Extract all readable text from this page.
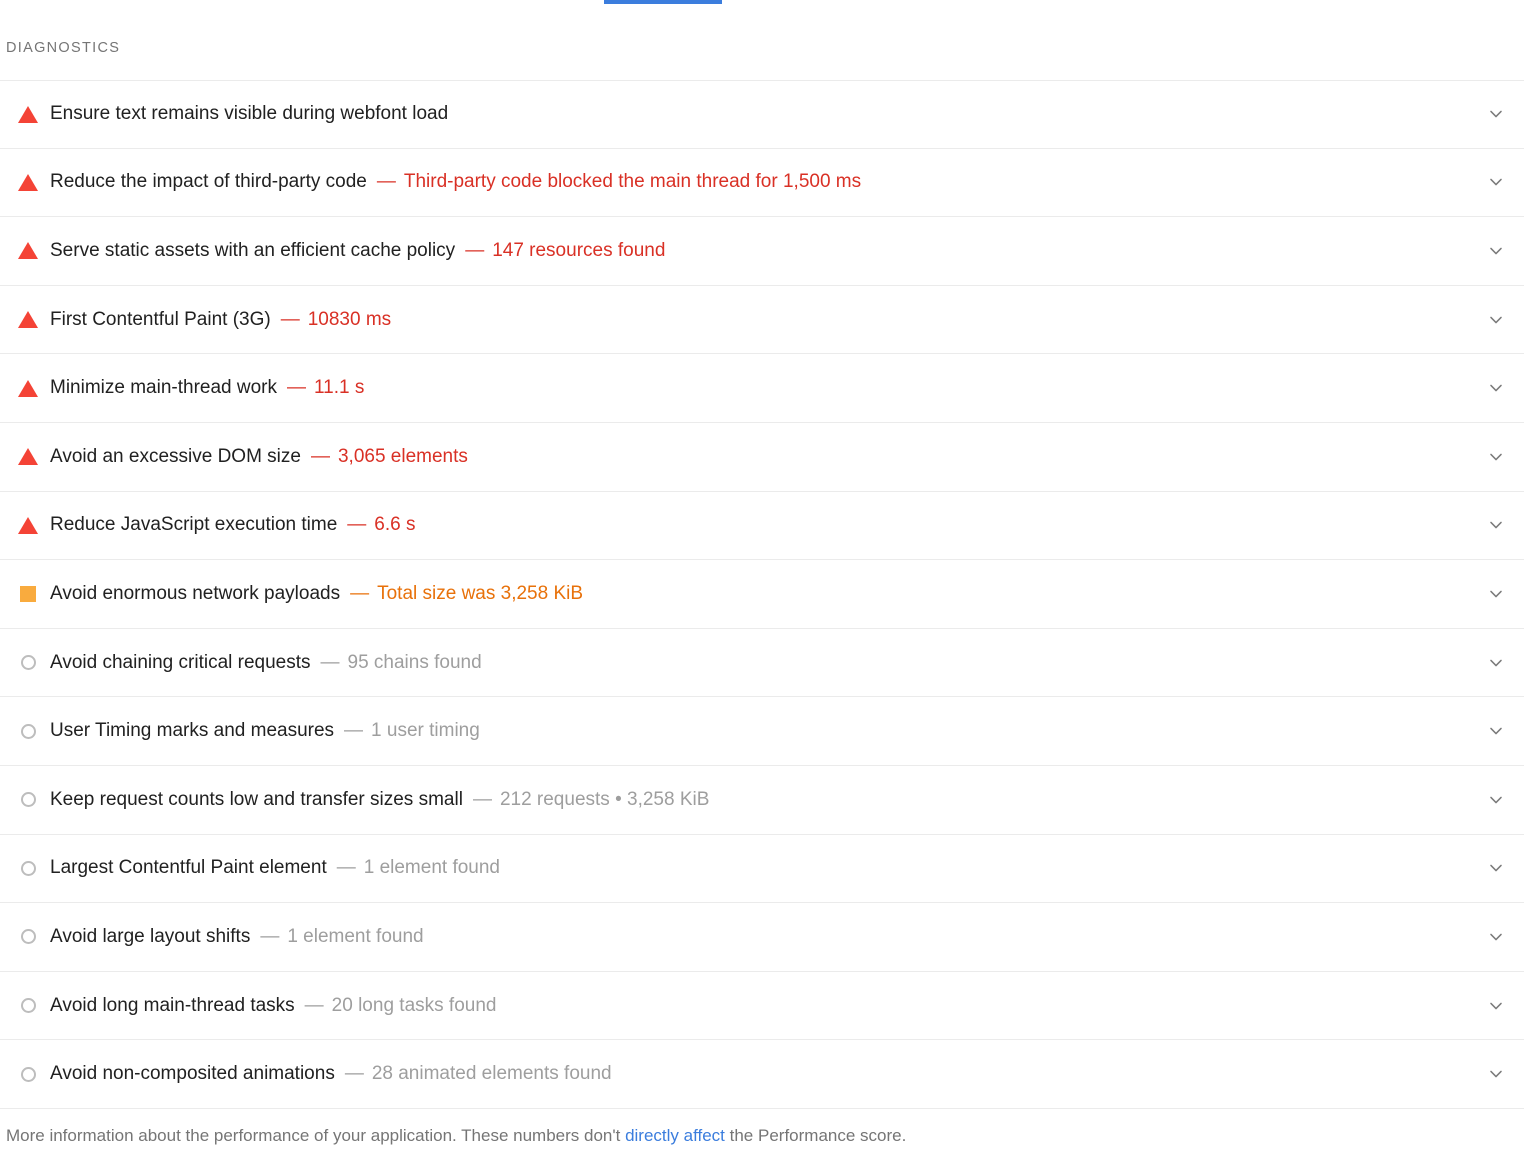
DIAGNOSTICS
Ensure text remains visible during webfont load
Reduce the impact of third-party code — Third-party code blocked the main thread for 1,500 ms
Serve static assets with an efficient cache policy — 147 resources found
First Contentful Paint (3G) — 10830 ms
Minimize main-thread work — 11.1 s
Avoid an excessive DOM size — 3,065 elements
Reduce JavaScript execution time — 6.6 s
Avoid enormous network payloads — Total size was 3,258 KiB
Avoid chaining critical requests — 95 chains found
User Timing marks and measures — 1 user timing
Keep request counts low and transfer sizes small — 212 requests • 3,258 KiB
Largest Contentful Paint element — 1 element found
Avoid large layout shifts — 1 element found
Avoid long main-thread tasks — 20 long tasks found
Avoid non-composited animations — 28 animated elements found
More information about the performance of your application. These numbers don't directly affect the Performance score.
